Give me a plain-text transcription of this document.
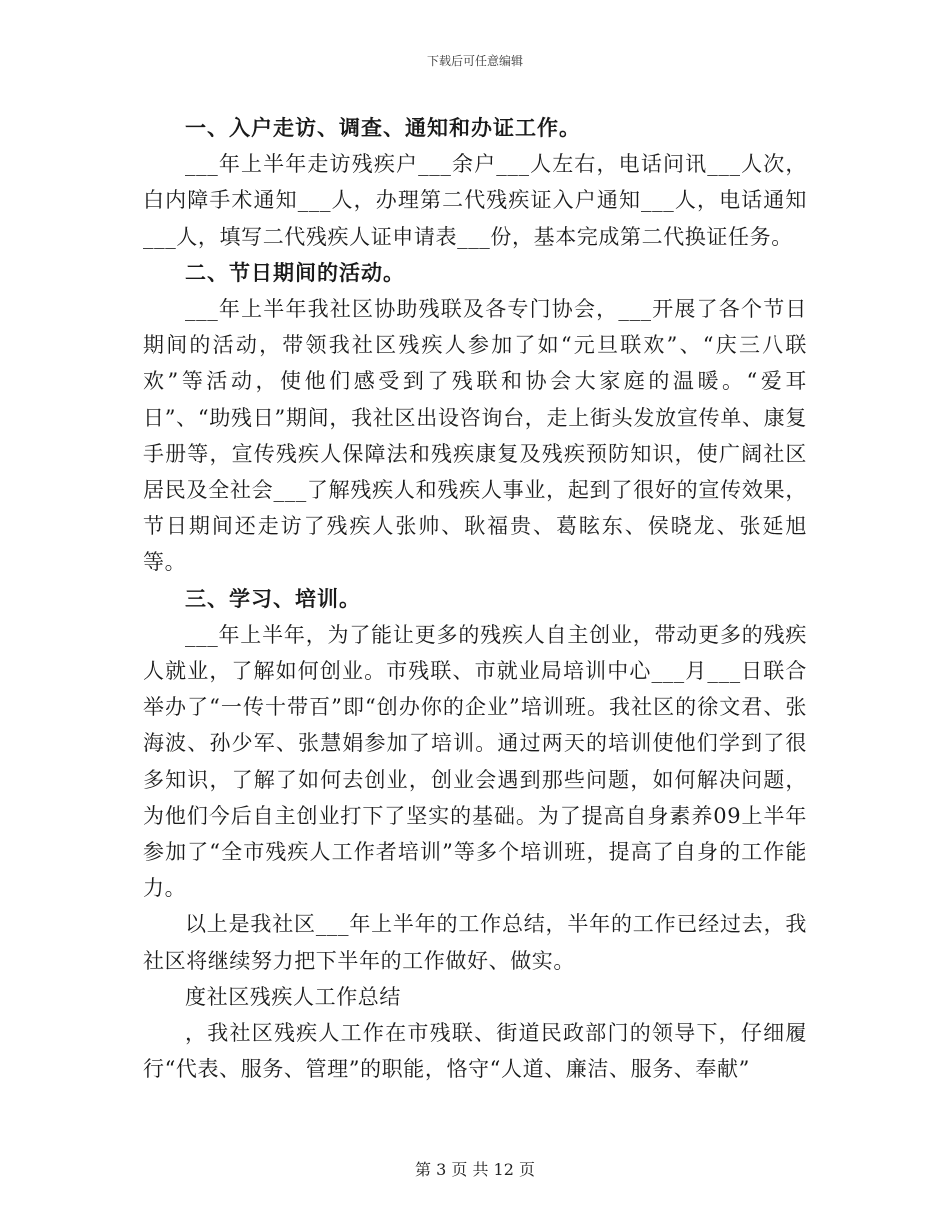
下载后可任意编辑
一、入户走访、调查、通知和办证工作。

___年上半年走访残疾户___余户___人左右，电话问讯___人次，白内障手术通知___人，办理第二代残疾证入户通知___人，电话通知___人，填写二代残疾人证申请表___份，基本完成第二代换证任务。

二、节日期间的活动。

___年上半年我社区协助残联及各专门协会，___开展了各个节日期间的活动，带领我社区残疾人参加了如“元旦联欢”、“庆三八联欢”等活动，使他们感受到了残联和协会大家庭的温暖。“爱耳日”、“助残日”期间，我社区出设咨询台，走上街头发放宣传单、康复手册等，宣传残疾人保障法和残疾康复及残疾预防知识，使广阔社区居民及全社会___了解残疾人和残疾人事业，起到了很好的宣传效果，节日期间还走访了残疾人张帅、耿福贵、葛眩东、侯晓龙、张延旭等。

三、学习、培训。

___年上半年，为了能让更多的残疾人自主创业，带动更多的残疾人就业，了解如何创业。市残联、市就业局培训中心___月___日联合举办了“一传十带百”即“创办你的企业”培训班。我社区的徐文君、张海波、孙少军、张慧娟参加了培训。通过两天的培训使他们学到了很多知识，了解了如何去创业，创业会遇到那些问题，如何解决问题，为他们今后自主创业打下了坚实的基础。为了提高自身素养09上半年参加了“全市残疾人工作者培训”等多个培训班，提高了自身的工作能力。

以上是我社区___年上半年的工作总结，半年的工作已经过去，我社区将继续努力把下半年的工作做好、做实。

度社区残疾人工作总结

，我社区残疾人工作在市残联、街道民政部门的领导下，仔细履行“代表、服务、管理”的职能，恪守“人道、廉洁、服务、奉献”

第 3 页 共 12 页
